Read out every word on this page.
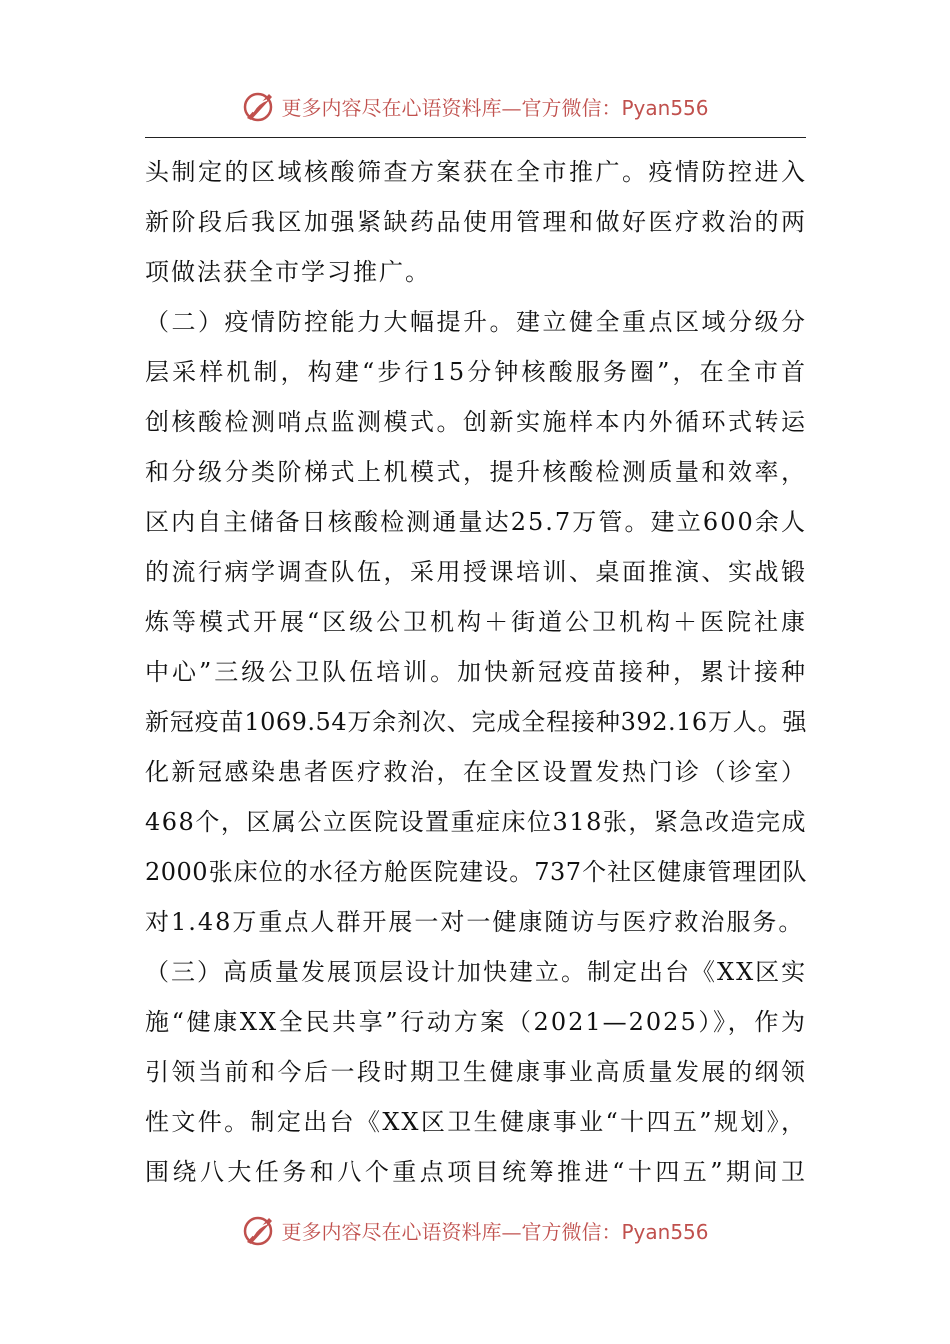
更多内容尽在心语资料库—官方微信：Pyan556
头制定的区域核酸筛查方案获在全市推广。疫情防控进入
新阶段后我区加强紧缺药品使用管理和做好医疗救治的两
项做法获全市学习推广。
（二）疫情防控能力大幅提升。建立健全重点区域分级分
层采样机制，构建“步行15分钟核酸服务圈”，在全市首
创核酸检测哨点监测模式。创新实施样本内外循环式转运
和分级分类阶梯式上机模式，提升核酸检测质量和效率，
区内自主储备日核酸检测通量达25.7万管。建立600余人
的流行病学调查队伍，采用授课培训、桌面推演、实战锻
炼等模式开展“区级公卫机构＋街道公卫机构＋医院社康
中心”三级公卫队伍培训。加快新冠疫苗接种，累计接种
新冠疫苗1069.54万余剂次、完成全程接种392.16万人。强
化新冠感染患者医疗救治，在全区设置发热门诊（诊室）
468个，区属公立医院设置重症床位318张，紧急改造完成
2000张床位的水径方舱医院建设。737个社区健康管理团队
对1.48万重点人群开展一对一健康随访与医疗救治服务。
（三）高质量发展顶层设计加快建立。制定出台《XX区实
施“健康XX全民共享”行动方案（2021—2025）》，作为
引领当前和今后一段时期卫生健康事业高质量发展的纲领
性文件。制定出台《XX区卫生健康事业“十四五”规划》，
围绕八大任务和八个重点项目统筹推进“十四五”期间卫
更多内容尽在心语资料库—官方微信：Pyan556
